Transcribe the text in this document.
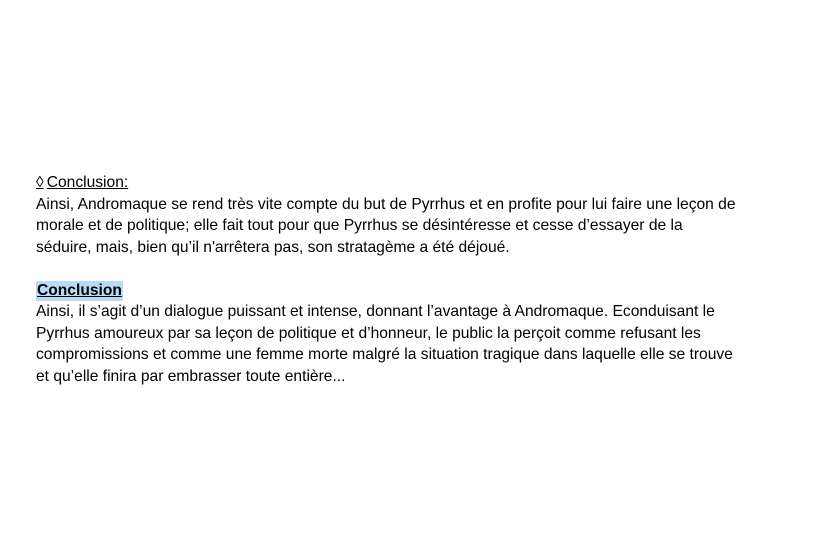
◊ Conclusion:
Ainsi, Andromaque se rend très vite compte du but de Pyrrhus et en profite pour lui faire une leçon de
morale et de politique; elle fait tout pour que Pyrrhus se désintéresse et cesse d’essayer de la
séduire, mais, bien qu’il n'arrêtera pas, son stratagème a été déjoué.
Conclusion
Ainsi, il s’agit d’un dialogue puissant et intense, donnant l’avantage à Andromaque. Econduisant le
Pyrrhus amoureux par sa leçon de politique et d’honneur, le public la perçoit comme refusant les
compromissions et comme une femme morte malgré la situation tragique dans laquelle elle se trouve
et qu’elle finira par embrasser toute entière...
